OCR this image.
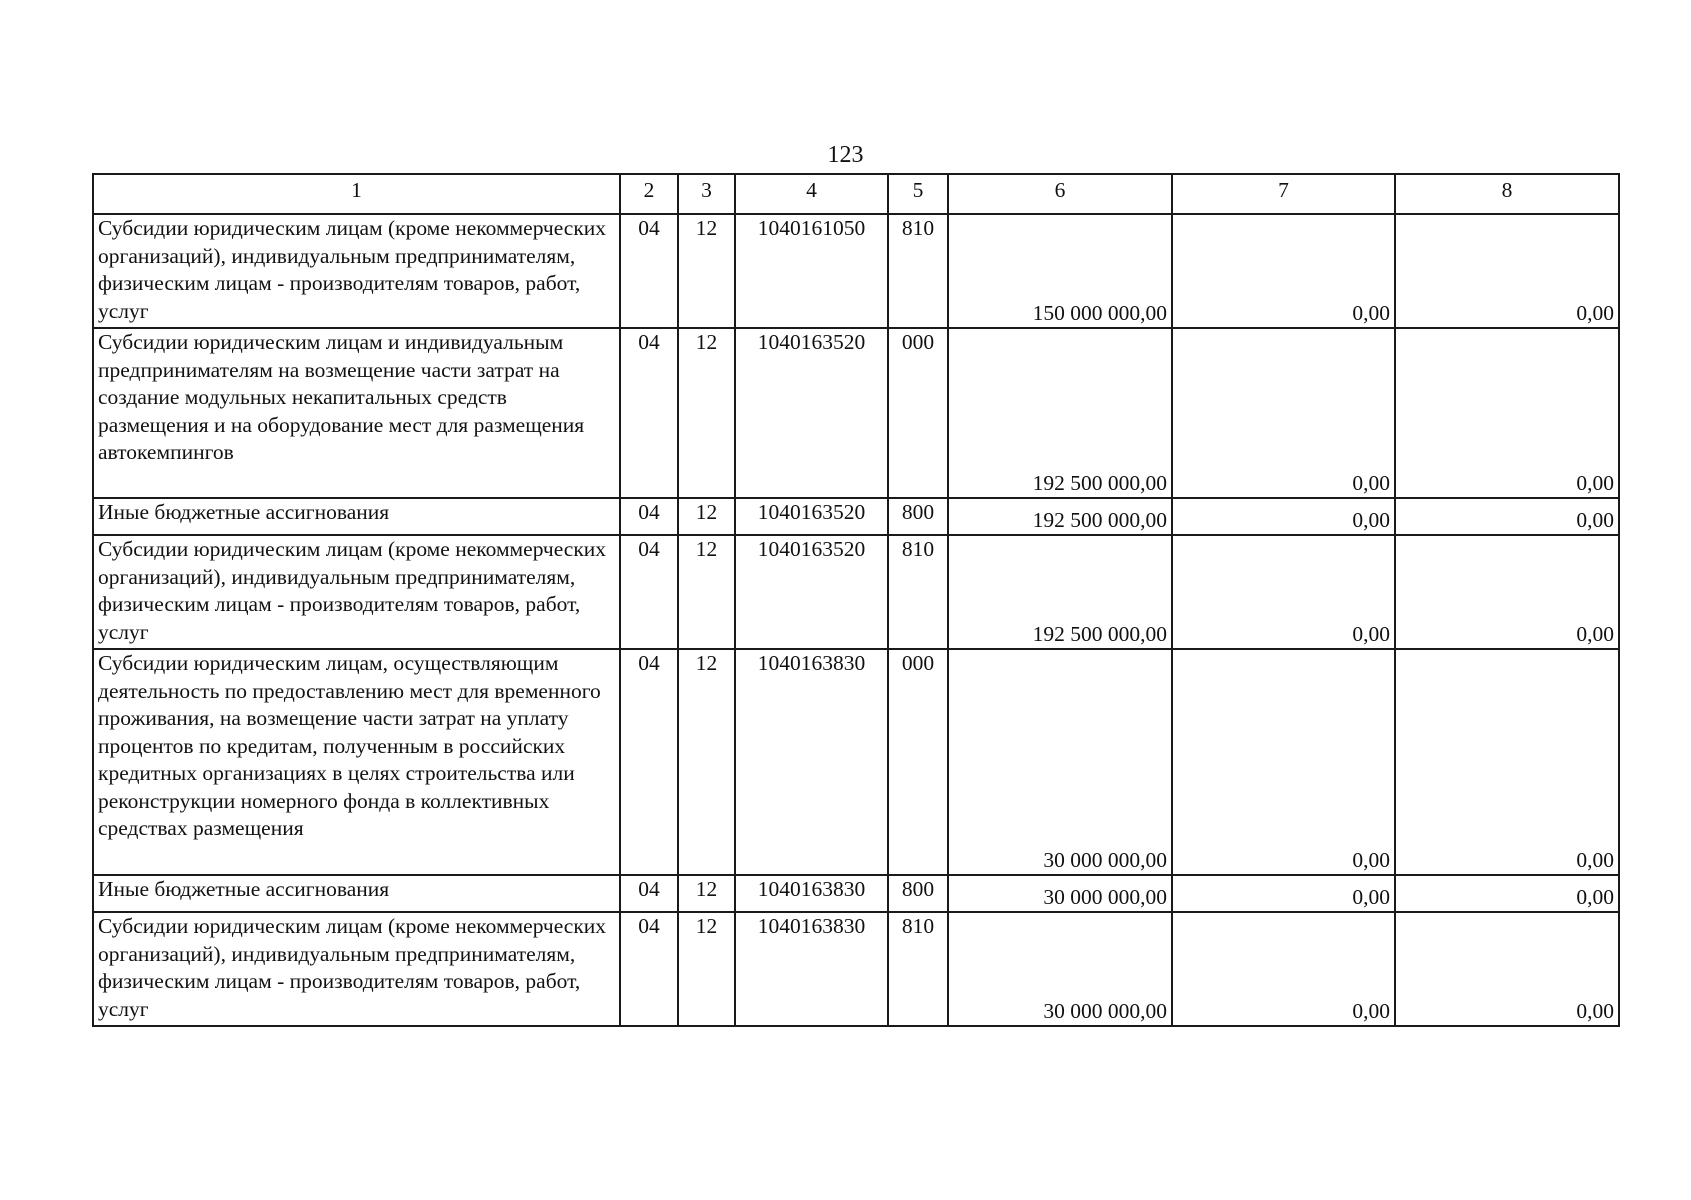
123
1	2	3	4	5	6	7	8
Субсидии юридическим лицам (кроме некоммерческих организаций), индивидуальным предпринимателям, физическим лицам - производителям товаров, работ, услуг	04	12	1040161050	810	150 000 000,00	0,00	0,00
Субсидии юридическим лицам и индивидуальным предпринимателям на возмещение части затрат на создание модульных некапитальных средств размещения и на оборудование мест для размещения автокемпингов	04	12	1040163520	000	192 500 000,00	0,00	0,00
Иные бюджетные ассигнования	04	12	1040163520	800	192 500 000,00	0,00	0,00
Субсидии юридическим лицам (кроме некоммерческих организаций), индивидуальным предпринимателям, физическим лицам - производителям товаров, работ, услуг	04	12	1040163520	810	192 500 000,00	0,00	0,00
Субсидии юридическим лицам, осуществляющим деятельность по предоставлению мест для временного проживания, на возмещение части затрат на уплату процентов по кредитам, полученным в российских кредитных организациях в целях строительства или реконструкции номерного фонда в коллективных средствах размещения	04	12	1040163830	000	30 000 000,00	0,00	0,00
Иные бюджетные ассигнования	04	12	1040163830	800	30 000 000,00	0,00	0,00
Субсидии юридическим лицам (кроме некоммерческих организаций), индивидуальным предпринимателям, физическим лицам - производителям товаров, работ, услуг	04	12	1040163830	810	30 000 000,00	0,00	0,00
